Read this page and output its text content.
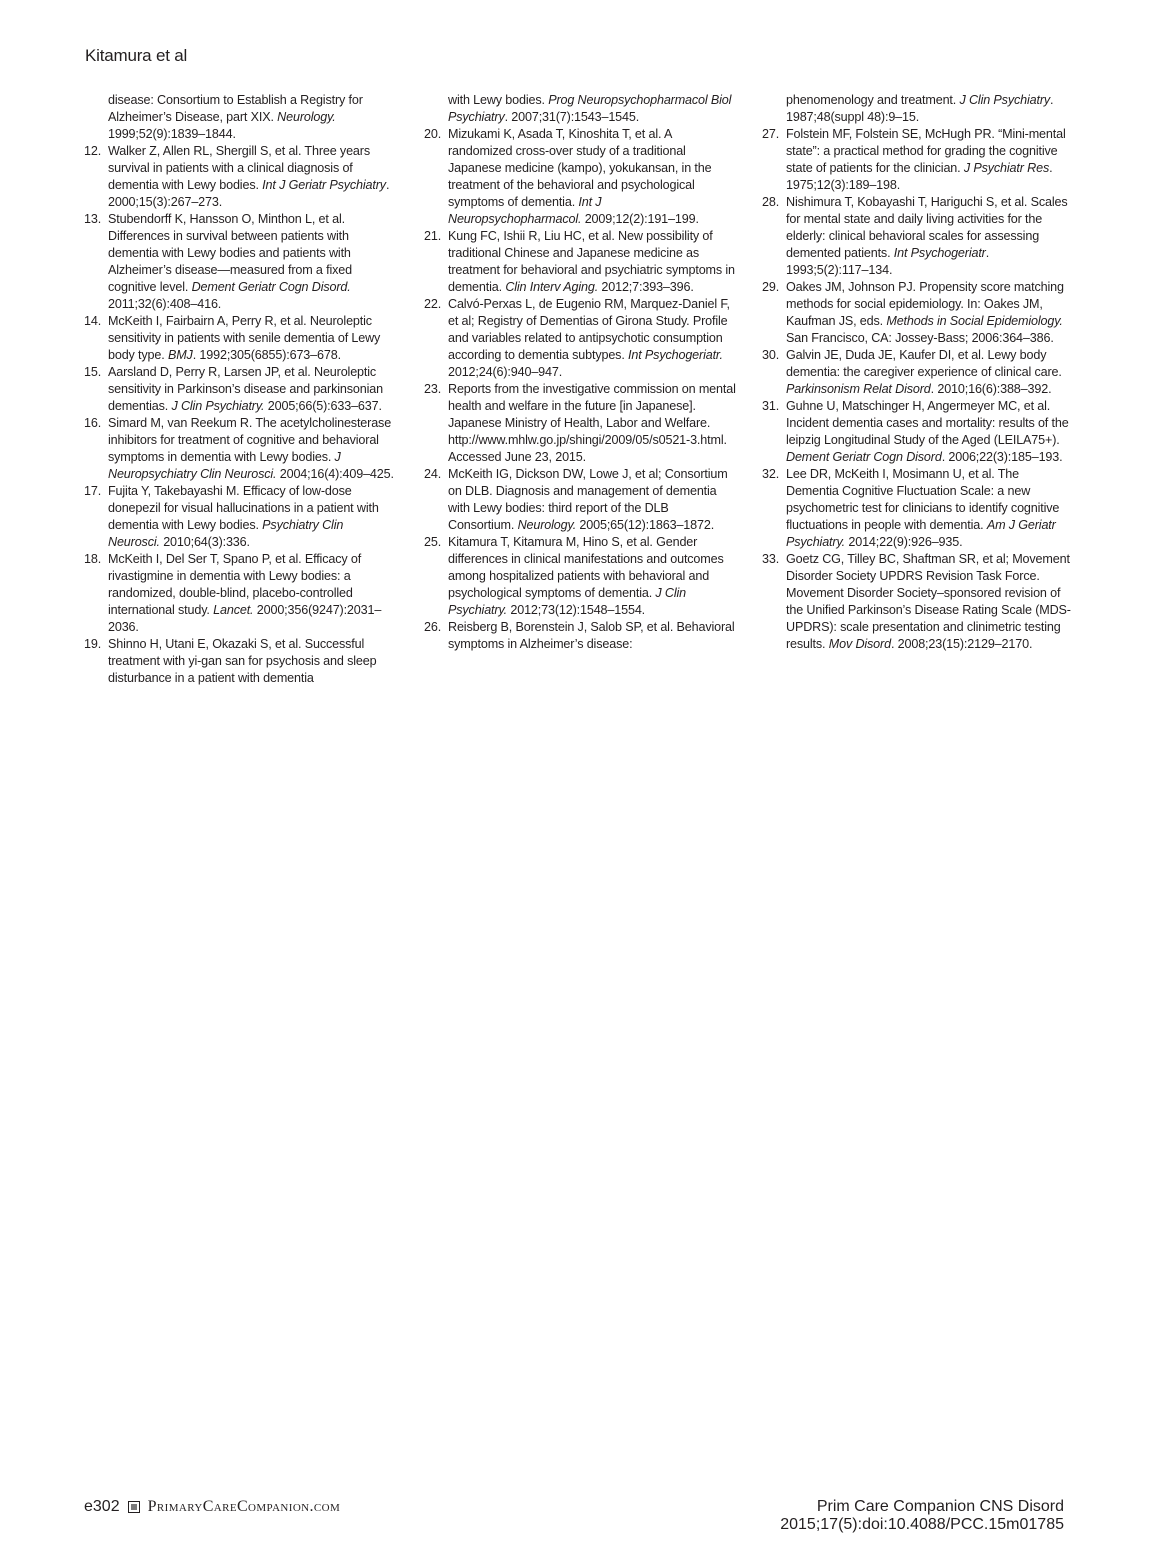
Kitamura et al
disease: Consortium to Establish a Registry for Alzheimer’s Disease, part XIX. Neurology. 1999;52(9):1839–1844.
12. Walker Z, Allen RL, Shergill S, et al. Three years survival in patients with a clinical diagnosis of dementia with Lewy bodies. Int J Geriatr Psychiatry. 2000;15(3):267–273.
13. Stubendorff K, Hansson O, Minthon L, et al. Differences in survival between patients with dementia with Lewy bodies and patients with Alzheimer’s disease—measured from a fixed cognitive level. Dement Geriatr Cogn Disord. 2011;32(6):408–416.
14. McKeith I, Fairbairn A, Perry R, et al. Neuroleptic sensitivity in patients with senile dementia of Lewy body type. BMJ. 1992;305(6855):673–678.
15. Aarsland D, Perry R, Larsen JP, et al. Neuroleptic sensitivity in Parkinson’s disease and parkinsonian dementias. J Clin Psychiatry. 2005;66(5):633–637.
16. Simard M, van Reekum R. The acetylcholinesterase inhibitors for treatment of cognitive and behavioral symptoms in dementia with Lewy bodies. J Neuropsychiatry Clin Neurosci. 2004;16(4):409–425.
17. Fujita Y, Takebayashi M. Efficacy of low-dose donepezil for visual hallucinations in a patient with dementia with Lewy bodies. Psychiatry Clin Neurosci. 2010;64(3):336.
18. McKeith I, Del Ser T, Spano P, et al. Efficacy of rivastigmine in dementia with Lewy bodies: a randomized, double-blind, placebo-controlled international study. Lancet. 2000;356(9247):2031–2036.
19. Shinno H, Utani E, Okazaki S, et al. Successful treatment with yi-gan san for psychosis and sleep disturbance in a patient with dementia
with Lewy bodies. Prog Neuropsychopharmacol Biol Psychiatry. 2007;31(7):1543–1545.
20. Mizukami K, Asada T, Kinoshita T, et al. A randomized cross-over study of a traditional Japanese medicine (kampo), yokukansan, in the treatment of the behavioral and psychological symptoms of dementia. Int J Neuropsychopharmacol. 2009;12(2):191–199.
21. Kung FC, Ishii R, Liu HC, et al. New possibility of traditional Chinese and Japanese medicine as treatment for behavioral and psychiatric symptoms in dementia. Clin Interv Aging. 2012;7:393–396.
22. Calvó-Perxas L, de Eugenio RM, Marquez-Daniel F, et al; Registry of Dementias of Girona Study. Profile and variables related to antipsychotic consumption according to dementia subtypes. Int Psychogeriatr. 2012;24(6):940–947.
23. Reports from the investigative commission on mental health and welfare in the future [in Japanese]. Japanese Ministry of Health, Labor and Welfare. http://www.mhlw.go.jp/shingi/2009/05/s0521-3.html. Accessed June 23, 2015.
24. McKeith IG, Dickson DW, Lowe J, et al; Consortium on DLB. Diagnosis and management of dementia with Lewy bodies: third report of the DLB Consortium. Neurology. 2005;65(12):1863–1872.
25. Kitamura T, Kitamura M, Hino S, et al. Gender differences in clinical manifestations and outcomes among hospitalized patients with behavioral and psychological symptoms of dementia. J Clin Psychiatry. 2012;73(12):1548–1554.
26. Reisberg B, Borenstein J, Salob SP, et al. Behavioral symptoms in Alzheimer’s disease:
phenomenology and treatment. J Clin Psychiatry. 1987;48(suppl 48):9–15.
27. Folstein MF, Folstein SE, McHugh PR. “Mini-mental state”: a practical method for grading the cognitive state of patients for the clinician. J Psychiatr Res. 1975;12(3):189–198.
28. Nishimura T, Kobayashi T, Hariguchi S, et al. Scales for mental state and daily living activities for the elderly: clinical behavioral scales for assessing demented patients. Int Psychogeriatr. 1993;5(2):117–134.
29. Oakes JM, Johnson PJ. Propensity score matching methods for social epidemiology. In: Oakes JM, Kaufman JS, eds. Methods in Social Epidemiology. San Francisco, CA: Jossey-Bass; 2006:364–386.
30. Galvin JE, Duda JE, Kaufer DI, et al. Lewy body dementia: the caregiver experience of clinical care. Parkinsonism Relat Disord. 2010;16(6):388–392.
31. Guhne U, Matschinger H, Angermeyer MC, et al. Incident dementia cases and mortality: results of the leipzig Longitudinal Study of the Aged (LEILA75+). Dement Geriatr Cogn Disord. 2006;22(3):185–193.
32. Lee DR, McKeith I, Mosimann U, et al. The Dementia Cognitive Fluctuation Scale: a new psychometric test for clinicians to identify cognitive fluctuations in people with dementia. Am J Geriatr Psychiatry. 2014;22(9):926–935.
33. Goetz CG, Tilley BC, Shaftman SR, et al; Movement Disorder Society UPDRS Revision Task Force. Movement Disorder Society–sponsored revision of the Unified Parkinson’s Disease Rating Scale (MDS-UPDRS): scale presentation and clinimetric testing results. Mov Disord. 2008;23(15):2129–2170.
e302 PrimaryCareCompanion.com	Prim Care Companion CNS Disord
2015;17(5):doi:10.4088/PCC.15m01785
